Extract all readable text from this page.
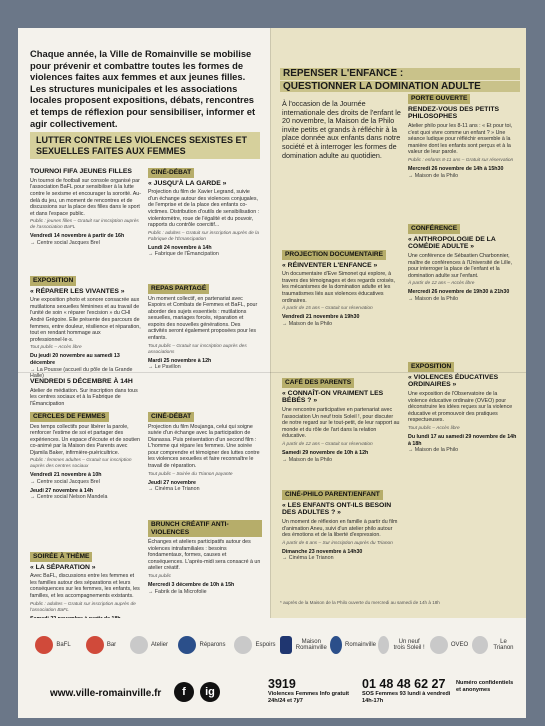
Chaque année, la Ville de Romainville se mobilise pour prévenir et combattre toutes les formes de violences faites aux femmes et aux jeunes filles. Les structures municipales et les associations locales proposent expositions, débats, rencontres et temps de réflexion pour sensibiliser, informer et agir collectivement.
LUTTER CONTRE LES VIOLENCES SEXISTES ET SEXUELLES FAITES AUX FEMMES
TOURNOI FIFA JEUNES FILLES
Un tournoi de football sur console organisé par l'association BaFL pour sensibiliser à la lutte contre le sexisme et encourager la sororité. Au-delà du jeu, un moment de rencontres et de discussions sur la place des filles dans le sport et dans l'espace public.
Public : jeunes filles – Gratuit sur inscription auprès de l'association BaFL
Vendredi 14 novembre à partir de 16h
→ Centre social Jacques Brel
CINÉ-DÉBAT
« JUSQU'À LA GARDE »
Projection du film de Xavier Legrand, suivie d'un échange autour des violences conjugales, de l'emprise et de la place des enfants co-victimes. Distribution d'outils de sensibilisation : violentomètre, roue de l'égalité et du pouvoir, rapports du contrôle coercitif...
Public : adultes – Gratuit sur inscription auprès de la Fabrique de l'Émancipation
Lundi 24 novembre à 14h
→ Fabrique de l'Émancipation
EXPOSITION
« RÉPARER LES VIVANTES »
Une exposition photo et sonore consacrée aux mutilations sexuelles féminines et au travail de l'unité de soin « réparer l'excision » du CHI André Grégoire. Elle présente des parcours de femmes, entre douleur, résilience et réparation, tout en rendant hommage aux professionnel·le·s.
Tout public – Accès libre
Du jeudi 20 novembre au samedi 13 décembre
→ La Pousse (accueil du pôle de la Grande Halle)
REPAS PARTAGÉ
Un moment collectif, en partenariat avec Espoirs et Combats de Femmes et BaFL, pour aborder des sujets essentiels : mutilations sexuelles, mariages forcés, réparation et espoirs des nouvelles générations. Des activités seront également proposées pour les enfants.
Tout public – Gratuit sur inscription auprès des associations
Mardi 25 novembre à 12h
→ Le Pavillon
REPENSER L'ENFANCE :
QUESTIONNER LA DOMINATION ADULTE
À l'occasion de la Journée internationale des droits de l'enfant le 20 novembre, la Maison de la Philo invite petits et grands à réfléchir à la place donnée aux enfants dans notre société et à interroger les formes de domination adulte au quotidien.
PORTE OUVERTE
RENDEZ-VOUS DES PETITS PHILOSOPHES
Atelier philo pour les 8-11 ans : « Et pour toi, c'est quoi vivre comme un enfant ? » Une séance ludique pour réfléchir ensemble à la manière dont les enfants sont perçus et à la valeur de leur parole.
Public : enfants 8-11 ans – Gratuit sur réservation
Mercredi 26 novembre de 14h à 15h30
→ Maison de la Philo
CONFÉRENCE
« ANTHROPOLOGIE DE LA COMÉDIE ADULTE »
Une conférence de Sébastien Charbonnier, maître de conférences à l'Université de Lille, pour interroger la place de l'enfant et la domination adulte sur l'enfant.
À partir de 12 ans – Accès libre
Mercredi 26 novembre de 19h30 à 21h30
→ Maison de la Philo
PROJECTION DOCUMENTAIRE
« RÉINVENTER L'ENFANCE »
Un documentaire d'Eve Simonet qui explore, à travers des témoignages et des regards croisés, les mécanismes de la domination adulte et les traumatismes liés aux violences éducatives ordinaires.
À partir de 15 ans – Gratuit sur réservation
Vendredi 21 novembre à 19h30
→ Maison de la Philo
VENDREDI 5 DÉCEMBRE À 14H
Atelier de médiation. Sur inscription dans tous les centres sociaux et à la Fabrique de l'Émancipation
CERCLES DE FEMMES
Des temps collectifs pour libérer la parole, renforcer l'estime de soi et partager des expériences. Un espace d'écoute et de soutien co-animé par la Maison des Parents avec Djamila Baker, infirmière-puéricultrice.
Public : femmes adultes – Gratuit sur inscription auprès des centres sociaux
Vendredi 21 novembre à 10h
→ Centre social Jacques Brel
Jeudi 27 novembre à 14h
→ Centre social Nelson Mandela
SOIRÉE À THÈME
« LA SÉPARATION »
Avec BaFL, discussions entre les femmes et les familles autour des séparations et leurs conséquences sur les femmes, les enfants, les familles, et les accompagnements existants.
Public : adultes – Gratuit sur inscription auprès de l'association BaFL
CINÉ-DÉBAT
Projection du film Moujanga, celui qui soigne suivie d'un échange avec la participation de Dianassa. Puis présentation d'un second film : L'homme qui répare les femmes. Une soirée pour comprendre et témoigner des luttes contre les violences sexuelles et faire reconnaître le travail de réparation.
Tout public – Soirée du Trianon payante
Jeudi 27 novembre
→ Cinéma Le Trianon
BRUNCH CRÉATIF ANTI-VIOLENCES
Échanges et ateliers participatifs autour des violences intrafamiliales : besoins fondamentaux, formes, causes et conséquences. L'après-midi sera consacré à un atelier créatif.
Tout public
Mercredi 3 décembre de 10h à 15h
→ Fabrik de la Microfolie
CAFÉ DES PARENTS
« CONNAÎT-ON VRAIMENT LES BÉBÉS ? »
Une rencontre participative en partenariat avec l'association Un neuf trois Soleil !, pour discuter de notre regard sur le tout-petit, de leur rapport au monde et du rôle de l'art dans la relation éducative.
À partir de 12 ans – Gratuit sur réservation
Samedi 29 novembre de 10h à 12h
→ Maison de la Philo
CINÉ-PHILO PARENT/ENFANT
« LES ENFANTS ONT-ILS BESOIN DES ADULTES ? »
Un moment de réflexion en famille à partir du film d'animation Aneu, suivi d'un atelier philo autour des émotions et de la liberté d'expression.
À partir de 6 ans – Sur inscription auprès du Trianon
Dimanche 23 novembre à 14h30
→ Cinéma Le Trianon
EXPOSITION
« VIOLENCES ÉDUCATIVES ORDINAIRES »
Une exposition de l'Observatoire de la violence éducative ordinaire (OVEO) pour déconstruire les idées reçues sur la violence éducative et promouvoir des pratiques respectueuses.
Tout public – Accès libre
Du lundi 17 au samedi 29 novembre de 14h à 18h
→ Maison de la Philo
* auprès de la Maison de la Philo ouverte du mercredi au samedi de 14h à 18h
BaFL	Bar	Atelier	Réparons	Espoirs	Maison Romainville	Romainville	Un neuf trois Soleil !	OVEO	Le Trianon
www.ville-romainville.fr	f	ig
3919
Violences Femmes Info gratuit 24h/24 et 7j/7
01 48 48 62 27
SOS Femmes 93 lundi à vendredi 14h-17h
Numéro confidentiels et anonymes
